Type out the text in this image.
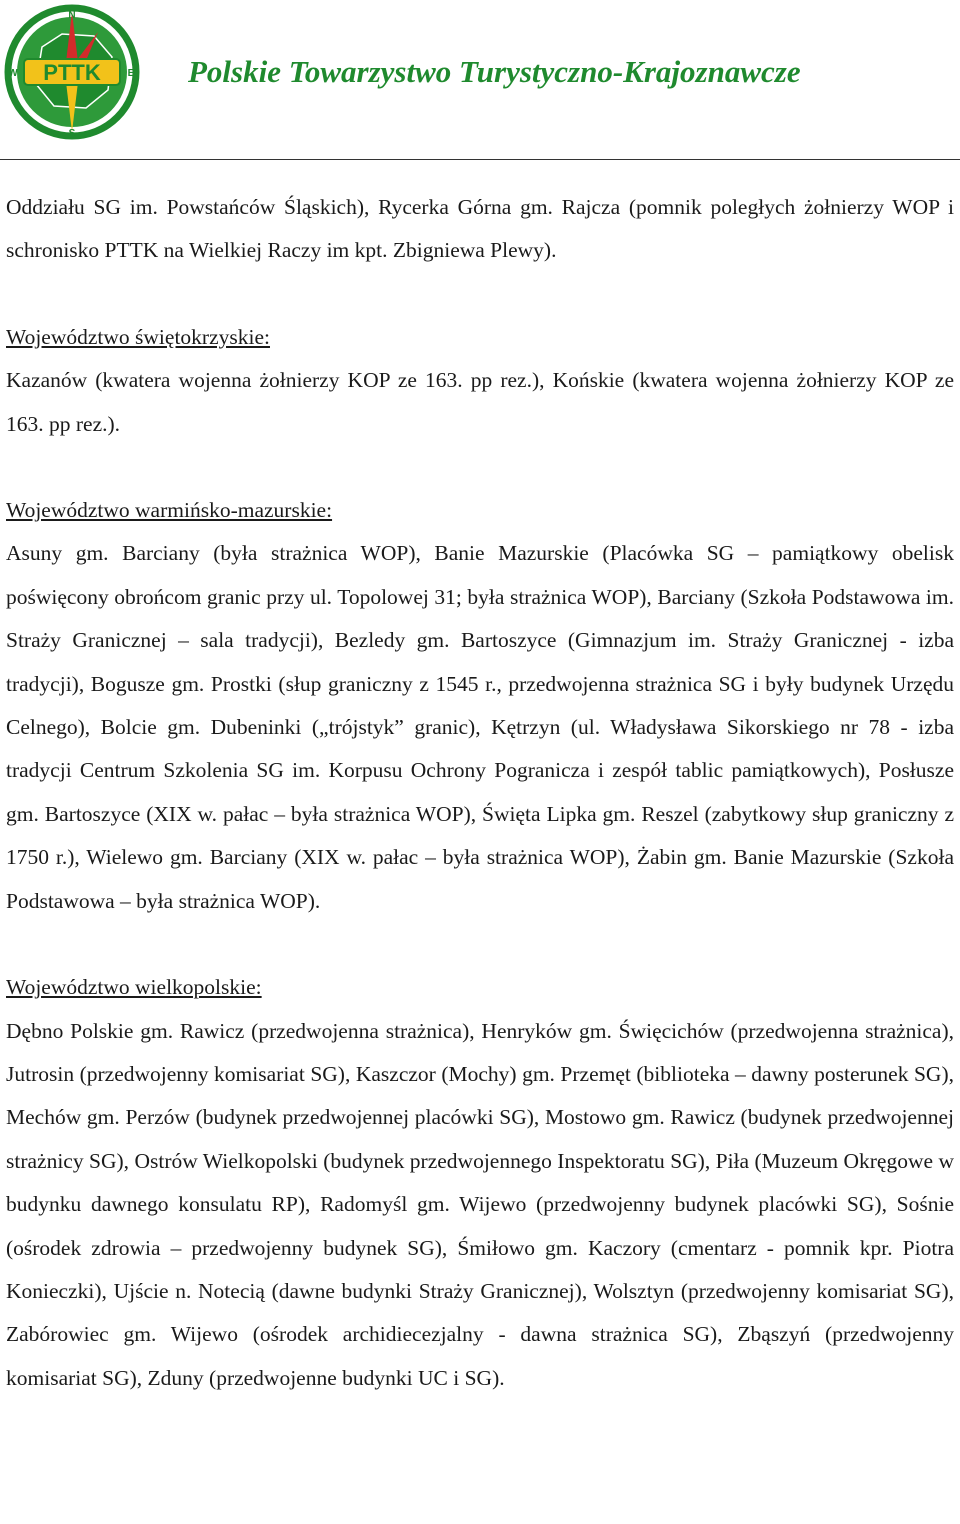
PTTK
N
E
S
W	Polskie Towarzystwo Turystyczno-Krajoznawcze

Oddziału SG im. Powstańców Śląskich), Rycerka Górna gm. Rajcza (pomnik poległych żołnierzy WOP i schronisko PTTK na Wielkiej Raczy im kpt. Zbigniewa Plewy).

Województwo świętokrzyskie:

Kazanów (kwatera wojenna żołnierzy KOP ze 163. pp rez.), Końskie (kwatera wojenna żołnierzy KOP ze 163. pp rez.).

Województwo warmińsko-mazurskie:

Asuny gm. Barciany (była strażnica WOP), Banie Mazurskie (Placówka SG – pamiątkowy obelisk poświęcony obrońcom granic przy ul. Topolowej 31; była strażnica WOP), Barciany (Szkoła Podstawowa im. Straży Granicznej – sala tradycji), Bezledy gm. Bartoszyce (Gimnazjum im. Straży Granicznej - izba tradycji), Bogusze gm. Prostki (słup graniczny z 1545 r., przedwojenna strażnica SG i były budynek Urzędu Celnego), Bolcie gm. Dubeninki („trójstyk” granic), Kętrzyn (ul. Władysława Sikorskiego nr 78 - izba tradycji Centrum Szkolenia SG im. Korpusu Ochrony Pogranicza i zespół tablic pamiątkowych), Posłusze gm. Bartoszyce (XIX w. pałac – była strażnica WOP), Święta Lipka gm. Reszel (zabytkowy słup graniczny z 1750 r.), Wielewo gm. Barciany (XIX w. pałac – była strażnica WOP), Żabin gm. Banie Mazurskie (Szkoła Podstawowa – była strażnica WOP).

Województwo wielkopolskie:

Dębno Polskie gm. Rawicz (przedwojenna strażnica), Henryków gm. Święcichów (przedwojenna strażnica), Jutrosin (przedwojenny komisariat SG), Kaszczor (Mochy) gm. Przemęt (biblioteka – dawny posterunek SG), Mechów gm. Perzów (budynek przedwojennej placówki SG), Mostowo gm. Rawicz (budynek przedwojennej strażnicy SG), Ostrów Wielkopolski (budynek przedwojennego Inspektoratu SG), Piła (Muzeum Okręgowe w budynku dawnego konsulatu RP), Radomyśl gm. Wijewo (przedwojenny budynek placówki SG), Sośnie (ośrodek zdrowia – przedwojenny budynek SG), Śmiłowo gm. Kaczory (cmentarz - pomnik kpr. Piotra Konieczki), Ujście n. Notecią (dawne budynki Straży Granicznej), Wolsztyn (przedwojenny komisariat SG), Zabórowiec gm. Wijewo (ośrodek archidiecezjalny - dawna strażnica SG), Zbąszyń (przedwojenny komisariat SG), Zduny (przedwojenne budynki UC i SG).
